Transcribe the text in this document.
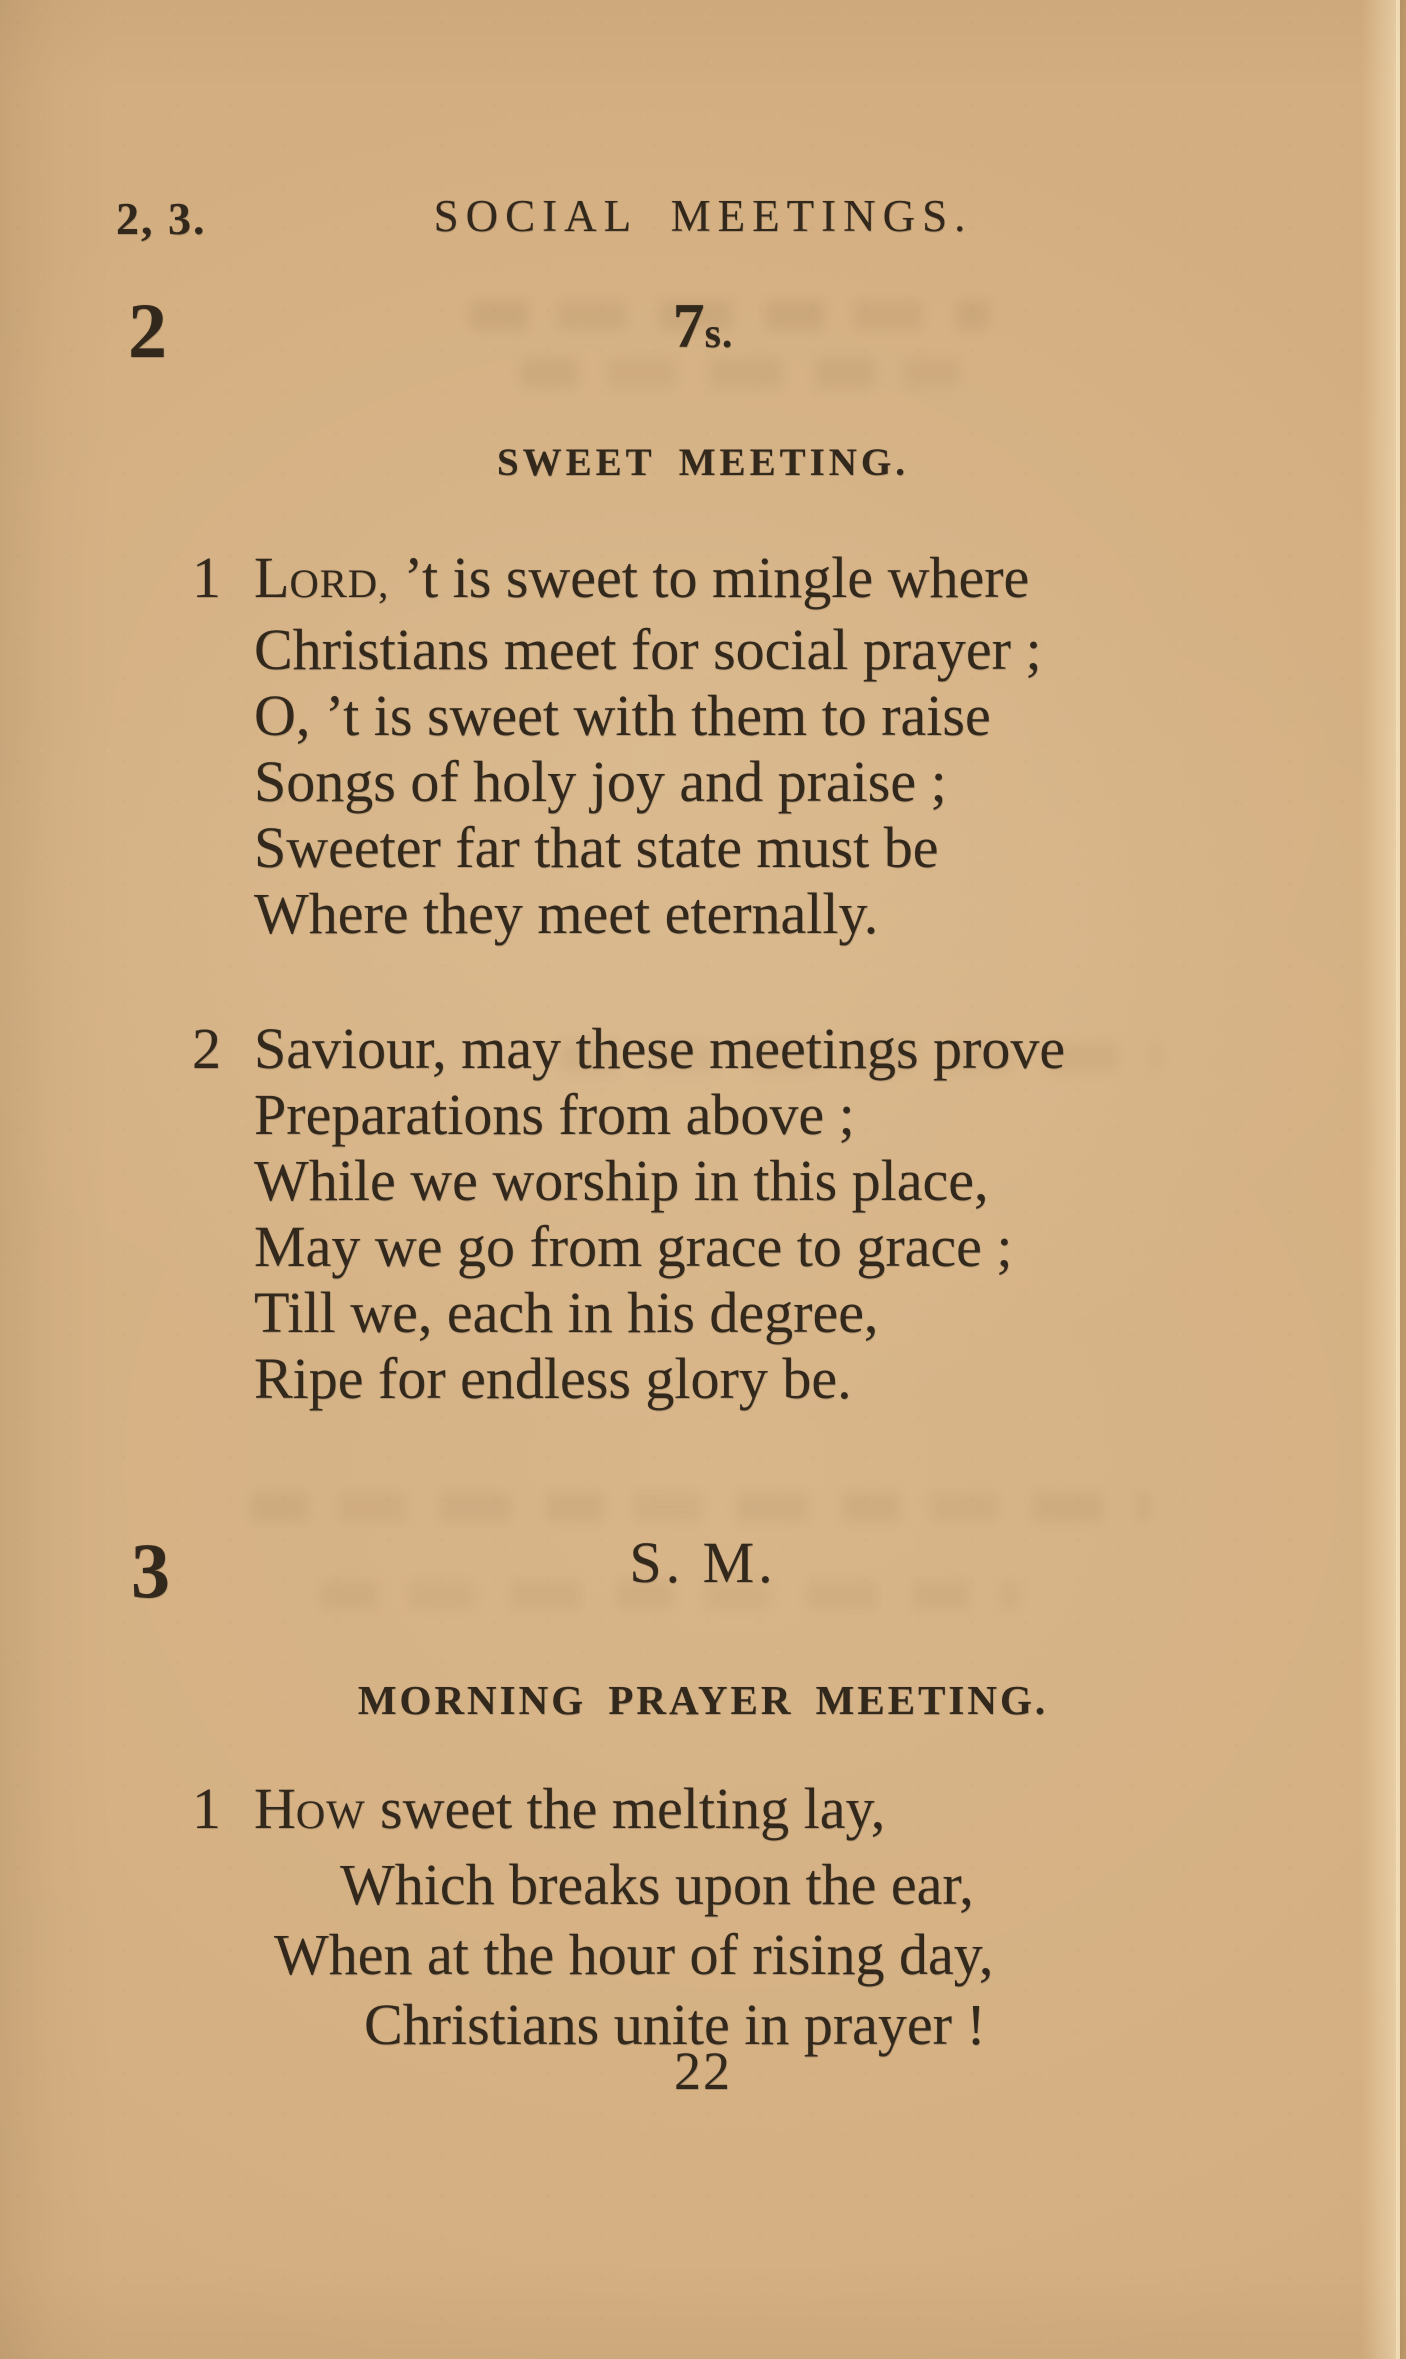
2, 3.	SOCIAL MEETINGS.
2	7s.
SWEET MEETING.
1 LORD, ’t is sweet to mingle where
Christians meet for social prayer ;
O, ’t is sweet with them to raise
Songs of holy joy and praise ;
Sweeter far that state must be
Where they meet eternally.
2 Saviour, may these meetings prove
Preparations from above ;
While we worship in this place,
May we go from grace to grace ;
Till we, each in his degree,
Ripe for endless glory be.
3	S. M.
MORNING PRAYER MEETING.
1 HOW sweet the melting lay,
Which breaks upon the ear,
When at the hour of rising day,
Christians unite in prayer !
22
